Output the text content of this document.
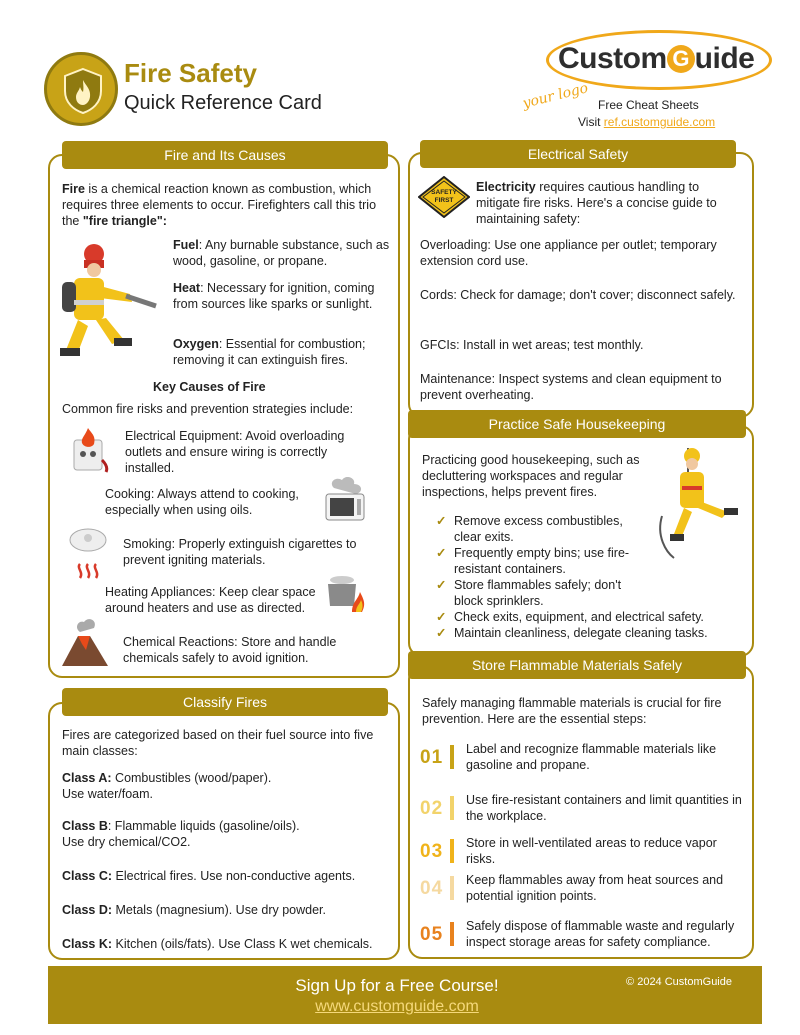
Fire Safety
Quick Reference Card
Custom G uide
your logo Free Cheat Sheets
Visit ref.customguide.com
Fire and Its Causes
Fire is a chemical reaction known as combustion, which requires three elements to occur. Firefighters call this trio the "fire triangle":
Fuel: Any burnable substance, such as wood, gasoline, or propane.
Heat: Necessary for ignition, coming from sources like sparks or sunlight.
Oxygen: Essential for combustion; removing it can extinguish fires.
Key Causes of Fire
Common fire risks and prevention strategies include:
Electrical Equipment: Avoid overloading outlets and ensure wiring is correctly installed.
Cooking: Always attend to cooking, especially when using oils.
Smoking: Properly extinguish cigarettes to prevent igniting materials.
Heating Appliances: Keep clear space around heaters and use as directed.
Chemical Reactions: Store and handle chemicals safely to avoid ignition.
Classify Fires
Fires are categorized based on their fuel source into five main classes:
Class A: Combustibles (wood/paper).
Use water/foam.
Class B: Flammable liquids (gasoline/oils).
Use dry chemical/CO2.
Class C: Electrical fires. Use non-conductive agents.
Class D: Metals (magnesium). Use dry powder.
Class K: Kitchen (oils/fats). Use Class K wet chemicals.
Electrical Safety
SAFETY FIRST
Electricity requires cautious handling to mitigate fire risks. Here's a concise guide to maintaining safety:
Overloading: Use one appliance per outlet; temporary extension cord use.
Cords: Check for damage; don't cover; disconnect safely.
GFCIs: Install in wet areas; test monthly.
Maintenance: Inspect systems and clean equipment to prevent overheating.
Practice Safe Housekeeping
Practicing good housekeeping, such as decluttering workspaces and regular inspections, helps prevent fires.
✓ Remove excess combustibles, clear exits.
✓ Frequently empty bins; use fire-resistant containers.
✓ Store flammables safely; don't block sprinklers.
✓ Check exits, equipment, and electrical safety.
✓ Maintain cleanliness, delegate cleaning tasks.
Store Flammable Materials Safely
Safely managing flammable materials is crucial for fire prevention. Here are the essential steps:
01 Label and recognize flammable materials like gasoline and propane.
02 Use fire-resistant containers and limit quantities in the workplace.
03 Store in well-ventilated areas to reduce vapor risks.
04 Keep flammables away from heat sources and potential ignition points.
05 Safely dispose of flammable waste and regularly inspect storage areas for safety compliance.
Sign Up for a Free Course!
www.customguide.com
© 2024 CustomGuide
